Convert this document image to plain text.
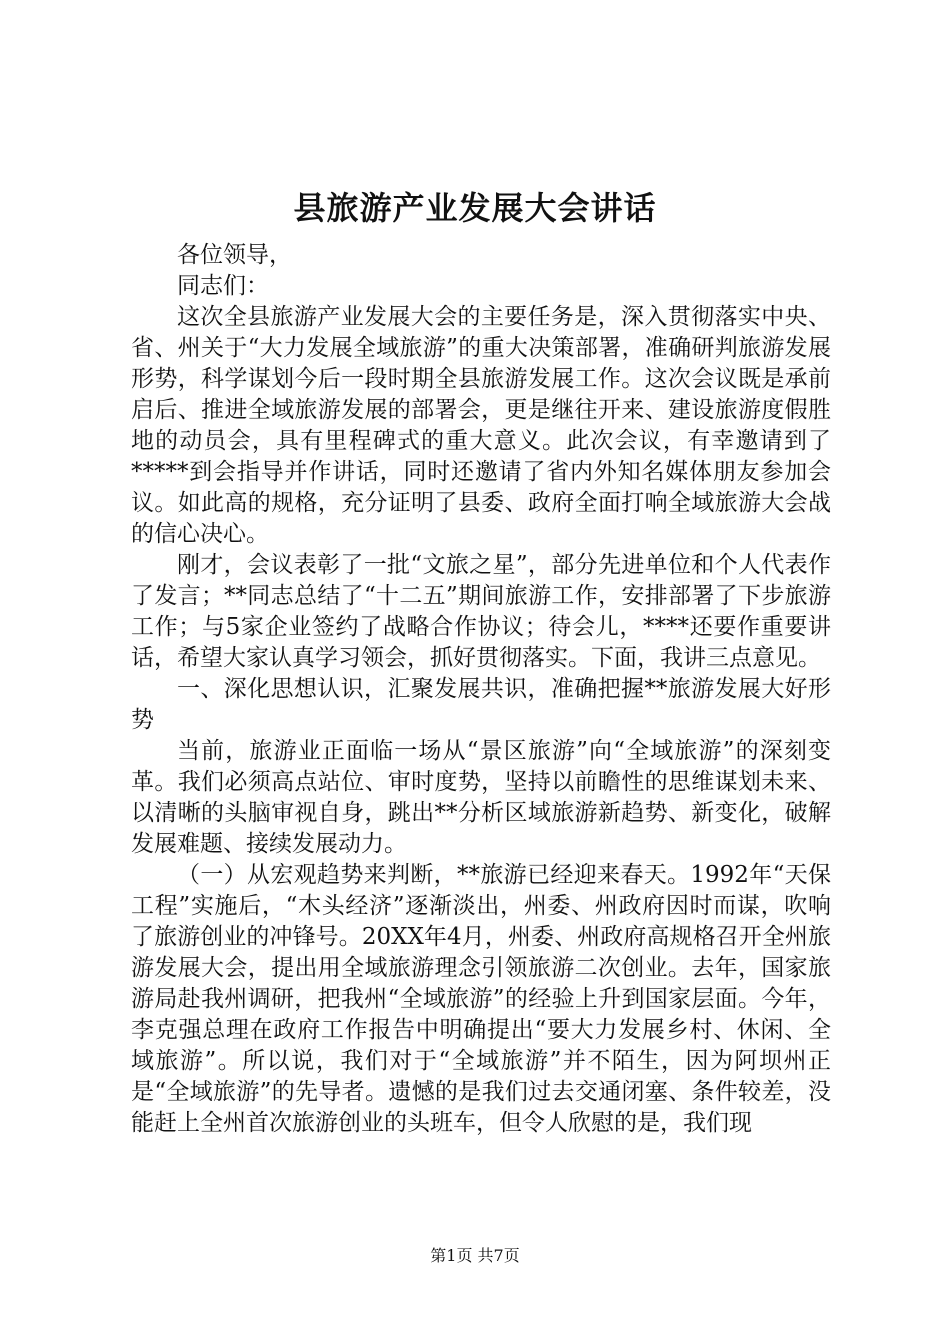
县旅游产业发展大会讲话

各位领导，

同志们：

这次全县旅游产业发展大会的主要任务是，深入贯彻落实中央、省、州关于“大力发展全域旅游”的重大决策部署，准确研判旅游发展形势，科学谋划今后一段时期全县旅游发展工作。这次会议既是承前启后、推进全域旅游发展的部署会，更是继往开来、建设旅游度假胜地的动员会，具有里程碑式的重大意义。此次会议，有幸邀请到了*****到会指导并作讲话，同时还邀请了省内外知名媒体朋友参加会议。如此高的规格，充分证明了县委、政府全面打响全域旅游大会战的信心决心。

刚才，会议表彰了一批“文旅之星”，部分先进单位和个人代表作了发言；**同志总结了“十二五”期间旅游工作，安排部署了下步旅游工作；与5家企业签约了战略合作协议；待会儿，****还要作重要讲话，希望大家认真学习领会，抓好贯彻落实。下面，我讲三点意见。

一、深化思想认识，汇聚发展共识，准确把握**旅游发展大好形势

当前，旅游业正面临一场从“景区旅游”向“全域旅游”的深刻变革。我们必须高点站位、审时度势，坚持以前瞻性的思维谋划未来、以清晰的头脑审视自身，跳出**分析区域旅游新趋势、新变化，破解发展难题、接续发展动力。

（一）从宏观趋势来判断，**旅游已经迎来春天。1992年“天保工程”实施后，“木头经济”逐渐淡出，州委、州政府因时而谋，吹响了旅游创业的冲锋号。20XX年4月，州委、州政府高规格召开全州旅游发展大会，提出用全域旅游理念引领旅游二次创业。去年，国家旅游局赴我州调研，把我州“全域旅游”的经验上升到国家层面。今年，李克强总理在政府工作报告中明确提出“要大力发展乡村、休闲、全域旅游”。所以说，我们对于“全域旅游”并不陌生，因为阿坝州正是“全域旅游”的先导者。遗憾的是我们过去交通闭塞、条件较差，没能赶上全州首次旅游创业的头班车，但令人欣慰的是，我们现

第1页 共7页
